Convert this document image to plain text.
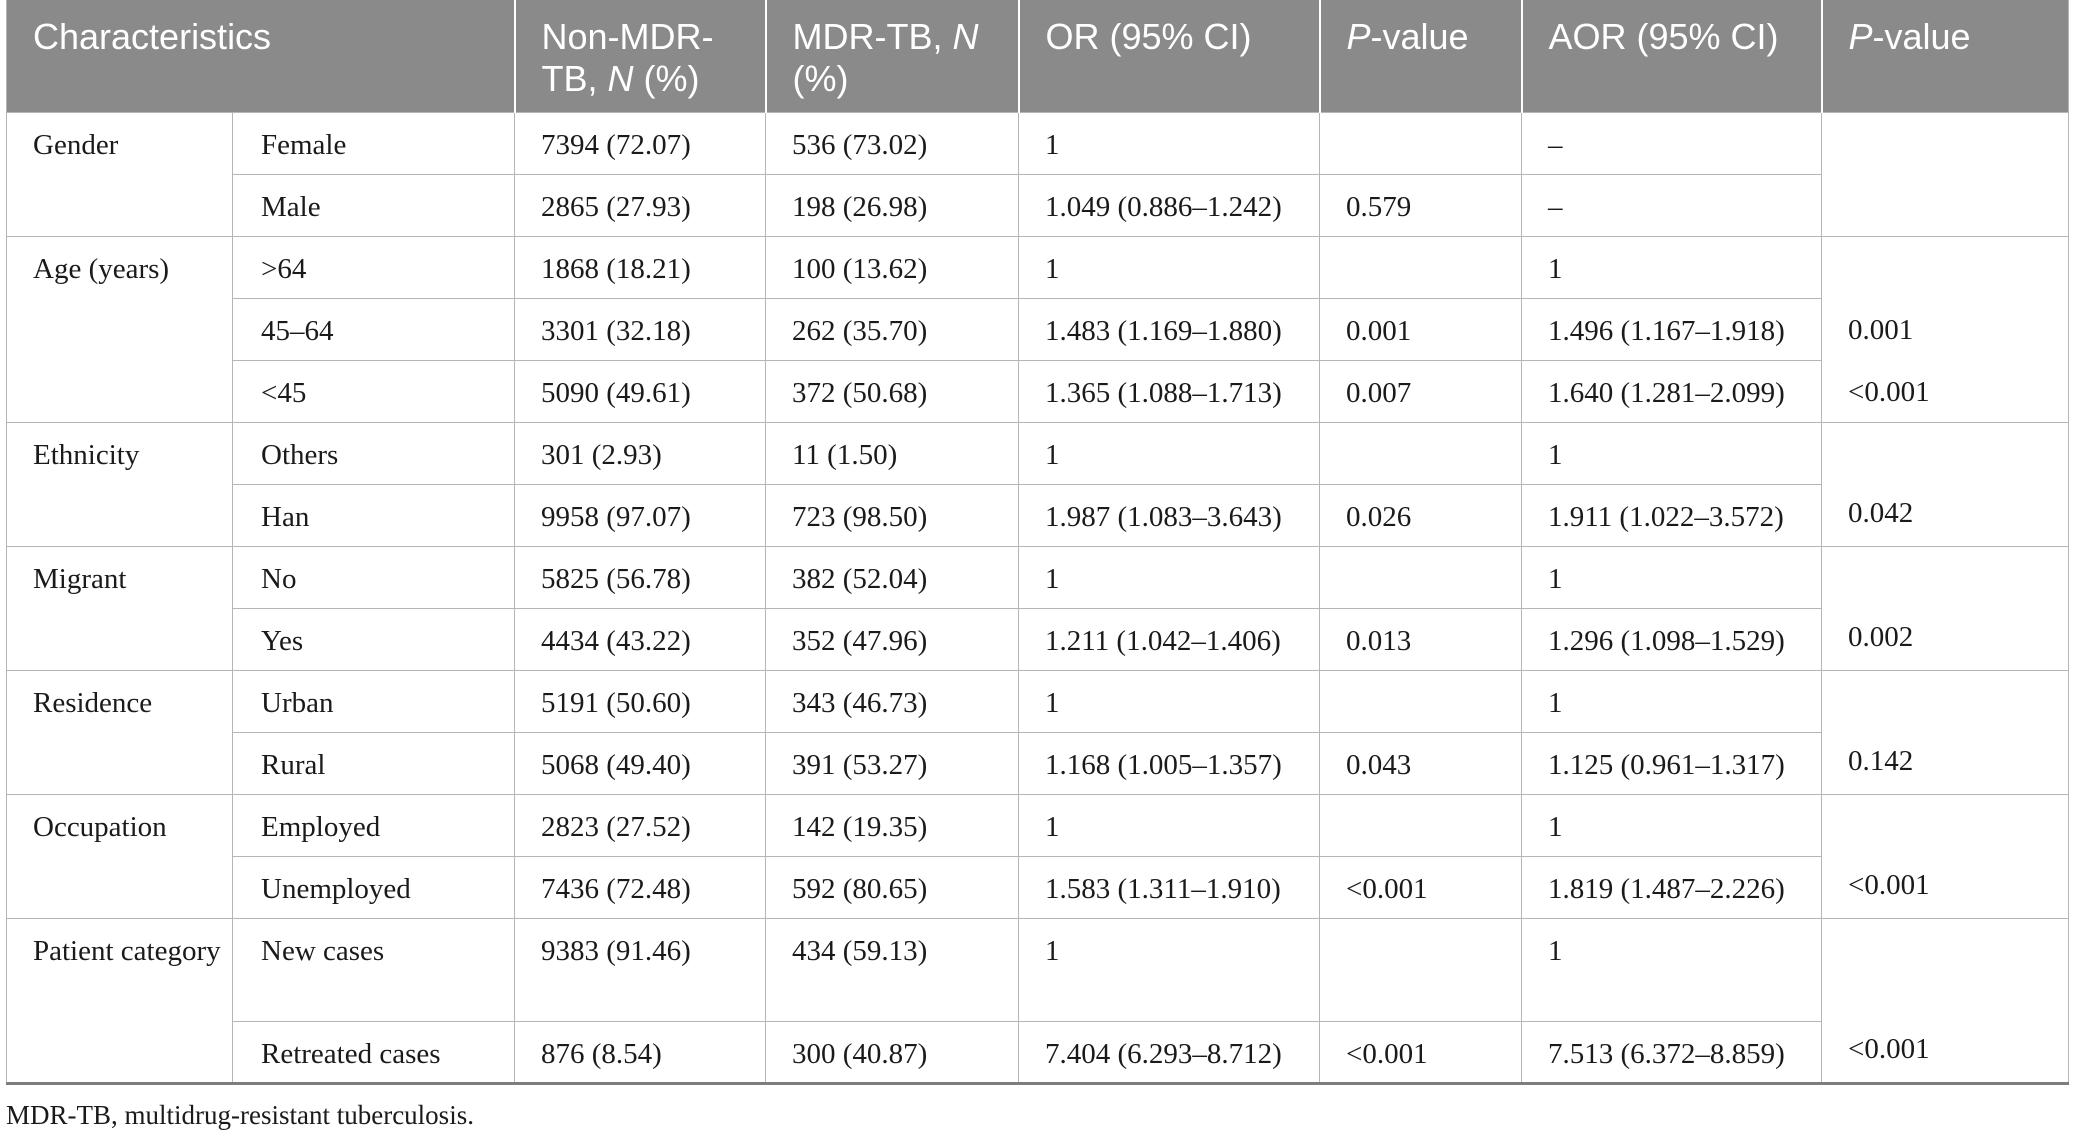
Characteristics		Non-MDR-TB, N (%)	MDR-TB, N (%)	OR (95% CI)	P-value	AOR (95% CI)	P-value
Gender	Female	7394 (72.07)	536 (73.02)	1		–	
	Male	2865 (27.93)	198 (26.98)	1.049 (0.886–1.242)	0.579	–	
Age (years)	>64	1868 (18.21)	100 (13.62)	1		1	
	45–64	3301 (32.18)	262 (35.70)	1.483 (1.169–1.880)	0.001	1.496 (1.167–1.918)	0.001
	<45	5090 (49.61)	372 (50.68)	1.365 (1.088–1.713)	0.007	1.640 (1.281–2.099)	<0.001
Ethnicity	Others	301 (2.93)	11 (1.50)	1		1	0.042
	Han	9958 (97.07)	723 (98.50)	1.987 (1.083–3.643)	0.026	1.911 (1.022–3.572)	
Migrant	No	5825 (56.78)	382 (52.04)	1		1	0.002
	Yes	4434 (43.22)	352 (47.96)	1.211 (1.042–1.406)	0.013	1.296 (1.098–1.529)	
Residence	Urban	5191 (50.60)	343 (46.73)	1		1	0.142
	Rural	5068 (49.40)	391 (53.27)	1.168 (1.005–1.357)	0.043	1.125 (0.961–1.317)	
Occupation	Employed	2823 (27.52)	142 (19.35)	1		1	<0.001
	Unemployed	7436 (72.48)	592 (80.65)	1.583 (1.311–1.910)	<0.001	1.819 (1.487–2.226)	
Patient category	New cases	9383 (91.46)	434 (59.13)	1		1	<0.001
	Retreated cases	876 (8.54)	300 (40.87)	7.404 (6.293–8.712)	<0.001	7.513 (6.372–8.859)	
MDR-TB, multidrug-resistant tuberculosis.
